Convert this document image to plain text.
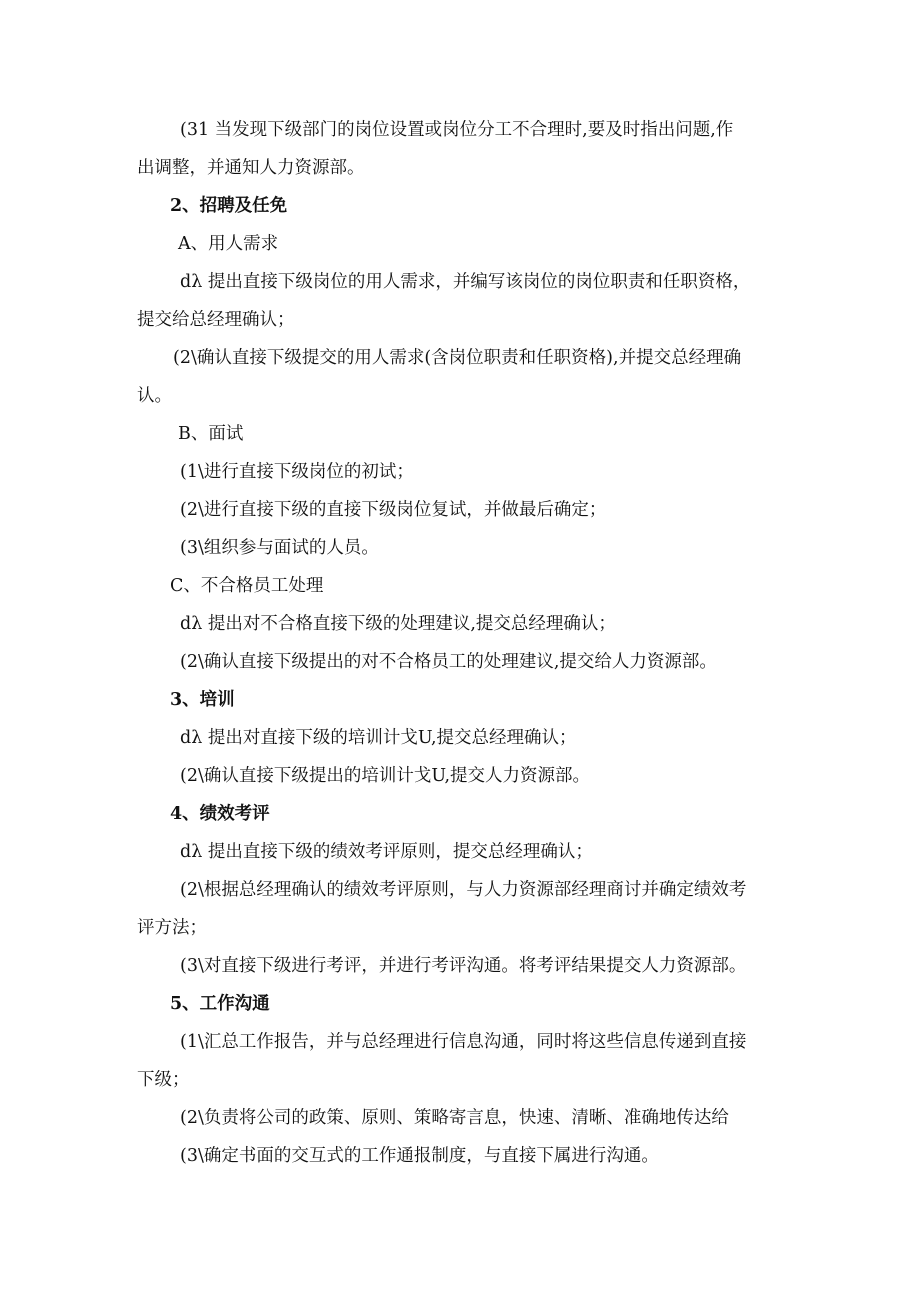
(31 当发现下级部门的岗位设置或岗位分工不合理时,要及时指出问题,作
出调整，并通知人力资源部。
2、招聘及任免
A、用人需求
dλ 提出直接下级岗位的用人需求，并编写该岗位的岗位职责和任职资格，
提交给总经理确认；
(2\确认直接下级提交的用人需求(含岗位职责和任职资格),并提交总经理确
认。
B、面试
(1\进行直接下级岗位的初试；
(2\进行直接下级的直接下级岗位复试，并做最后确定；
(3\组织参与面试的人员。
C、不合格员工处理
dλ 提出对不合格直接下级的处理建议,提交总经理确认；
(2\确认直接下级提出的对不合格员工的处理建议,提交给人力资源部。
3、培训
dλ 提出对直接下级的培训计戈U,提交总经理确认；
(2\确认直接下级提出的培训计戈U,提交人力资源部。
4、绩效考评
dλ 提出直接下级的绩效考评原则，提交总经理确认；
(2\根据总经理确认的绩效考评原则，与人力资源部经理商讨并确定绩效考
评方法；
(3\对直接下级进行考评，并进行考评沟通。将考评结果提交人力资源部。
5、工作沟通
(1\汇总工作报告，并与总经理进行信息沟通，同时将这些信息传递到直接
下级；
(2\负责将公司的政策、原则、策略寄言息，快速、清晰、准确地传达给
(3\确定书面的交互式的工作通报制度，与直接下属进行沟通。
